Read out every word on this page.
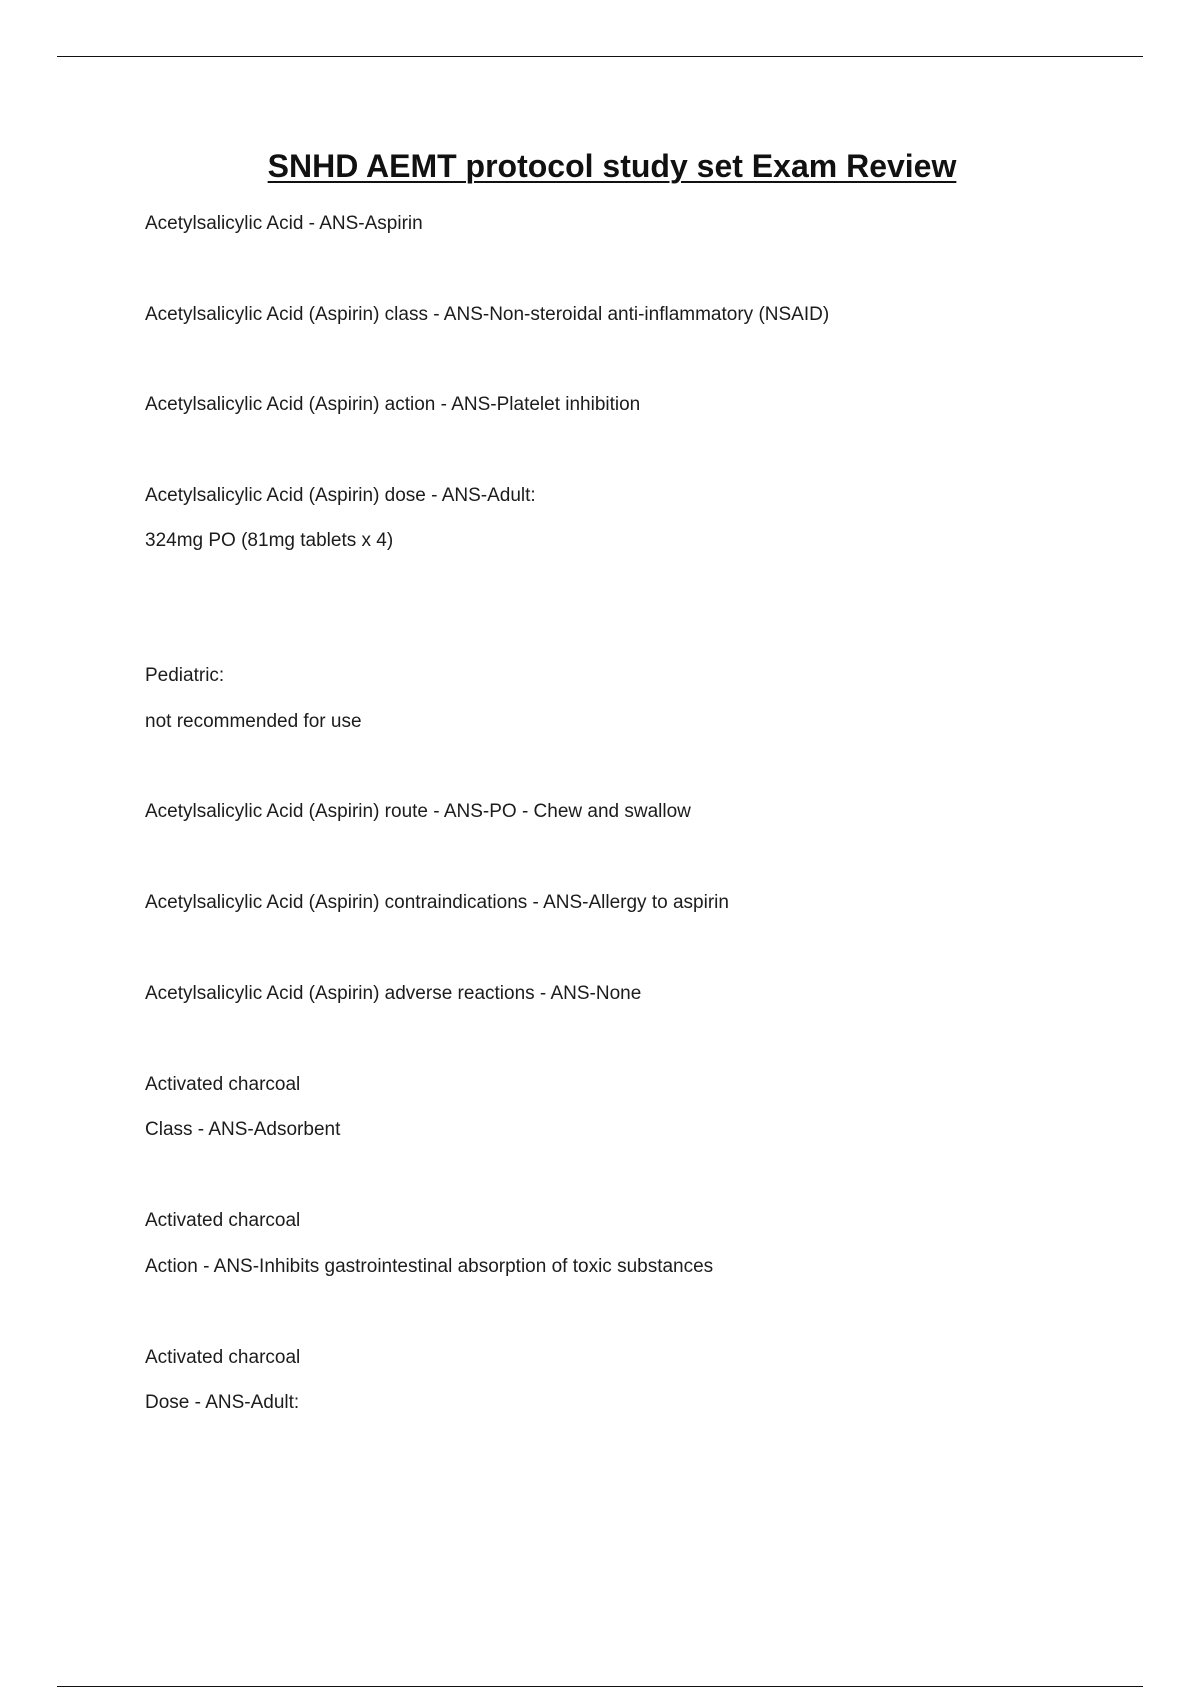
SNHD AEMT protocol study set Exam Review
Acetylsalicylic Acid - ANS-Aspirin
Acetylsalicylic Acid (Aspirin) class - ANS-Non-steroidal anti-inflammatory (NSAID)
Acetylsalicylic Acid (Aspirin) action - ANS-Platelet inhibition
Acetylsalicylic Acid (Aspirin) dose - ANS-Adult:
324mg PO (81mg tablets x 4)
Pediatric:
not recommended for use
Acetylsalicylic Acid (Aspirin) route - ANS-PO - Chew and swallow
Acetylsalicylic Acid (Aspirin) contraindications - ANS-Allergy to aspirin
Acetylsalicylic Acid (Aspirin) adverse reactions - ANS-None
Activated charcoal
Class - ANS-Adsorbent
Activated charcoal
Action - ANS-Inhibits gastrointestinal absorption of toxic substances
Activated charcoal
Dose - ANS-Adult:
